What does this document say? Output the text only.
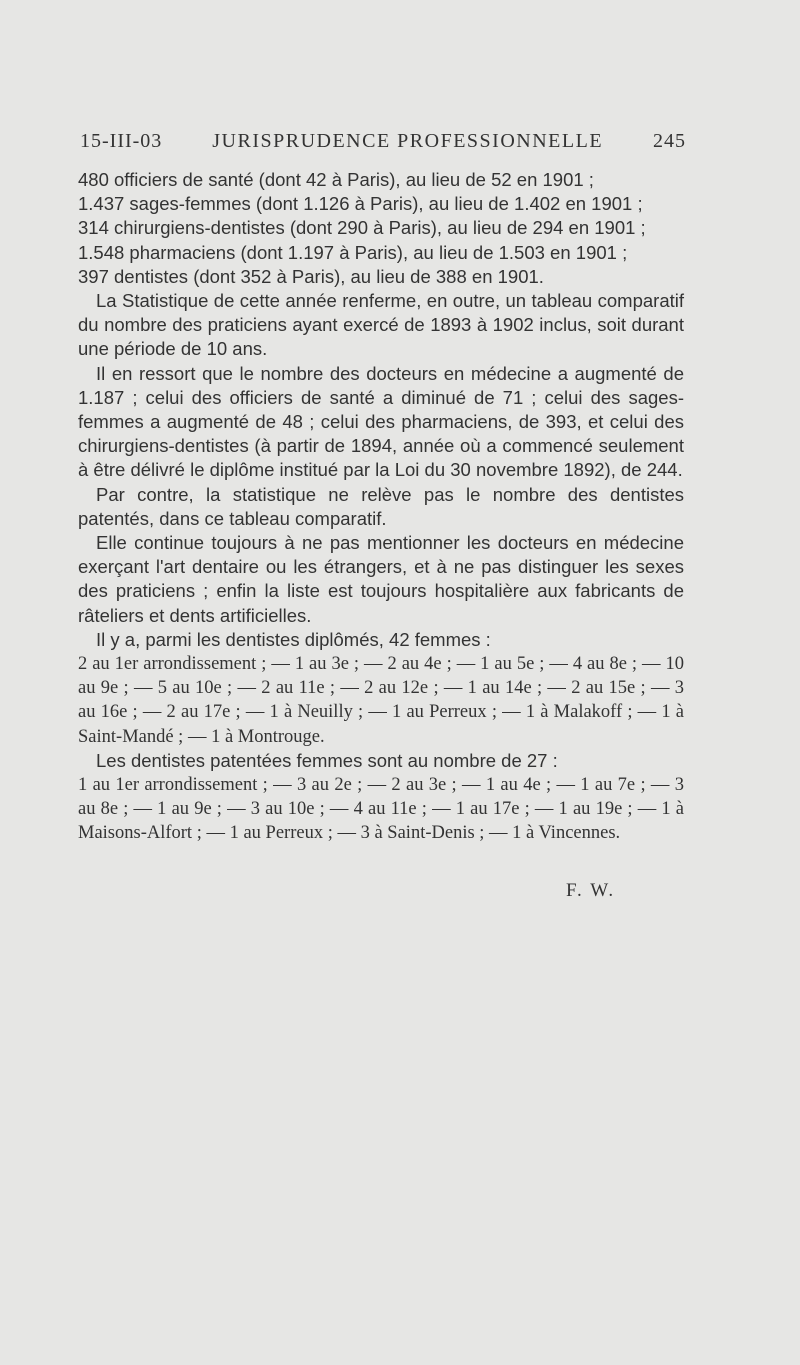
15-III-03 JURISPRUDENCE PROFESSIONNELLE 245

480 officiers de santé (dont 42 à Paris), au lieu de 52 en 1901 ;

1.437 sages-femmes (dont 1.126 à Paris), au lieu de 1.402 en 1901 ;

314 chirurgiens-dentistes (dont 290 à Paris), au lieu de 294 en 1901 ;

1.548 pharmaciens (dont 1.197 à Paris), au lieu de 1.503 en 1901 ;

397 dentistes (dont 352 à Paris), au lieu de 388 en 1901.

La Statistique de cette année renferme, en outre, un tableau comparatif du nombre des praticiens ayant exercé de 1893 à 1902 inclus, soit durant une période de 10 ans.

Il en ressort que le nombre des docteurs en médecine a augmenté de 1.187 ; celui des officiers de santé a diminué de 71 ; celui des sages-femmes a augmenté de 48 ; celui des pharmaciens, de 393, et celui des chirurgiens-dentistes (à partir de 1894, année où a commencé seulement à être délivré le diplôme institué par la Loi du 30 novembre 1892), de 244.

Par contre, la statistique ne relève pas le nombre des dentistes patentés, dans ce tableau comparatif.

Elle continue toujours à ne pas mentionner les docteurs en médecine exerçant l'art dentaire ou les étrangers, et à ne pas distinguer les sexes des praticiens ; enfin la liste est toujours hospitalière aux fabricants de râteliers et dents artificielles.

Il y a, parmi les dentistes diplômés, 42 femmes :

2 au 1er arrondissement ; — 1 au 3e ; — 2 au 4e ; — 1 au 5e ; — 4 au 8e ; — 10 au 9e ; — 5 au 10e ; — 2 au 11e ; — 2 au 12e ; — 1 au 14e ; — 2 au 15e ; — 3 au 16e ; — 2 au 17e ; — 1 à Neuilly ; — 1 au Perreux ; — 1 à Malakoff ; — 1 à Saint-Mandé ; — 1 à Montrouge.

Les dentistes patentées femmes sont au nombre de 27 :

1 au 1er arrondissement ; — 3 au 2e ; — 2 au 3e ; — 1 au 4e ; — 1 au 7e ; — 3 au 8e ; — 1 au 9e ; — 3 au 10e ; — 4 au 11e ; — 1 au 17e ; — 1 au 19e ; — 1 à Maisons-Alfort ; — 1 au Perreux ; — 3 à Saint-Denis ; — 1 à Vincennes.

F. W.
